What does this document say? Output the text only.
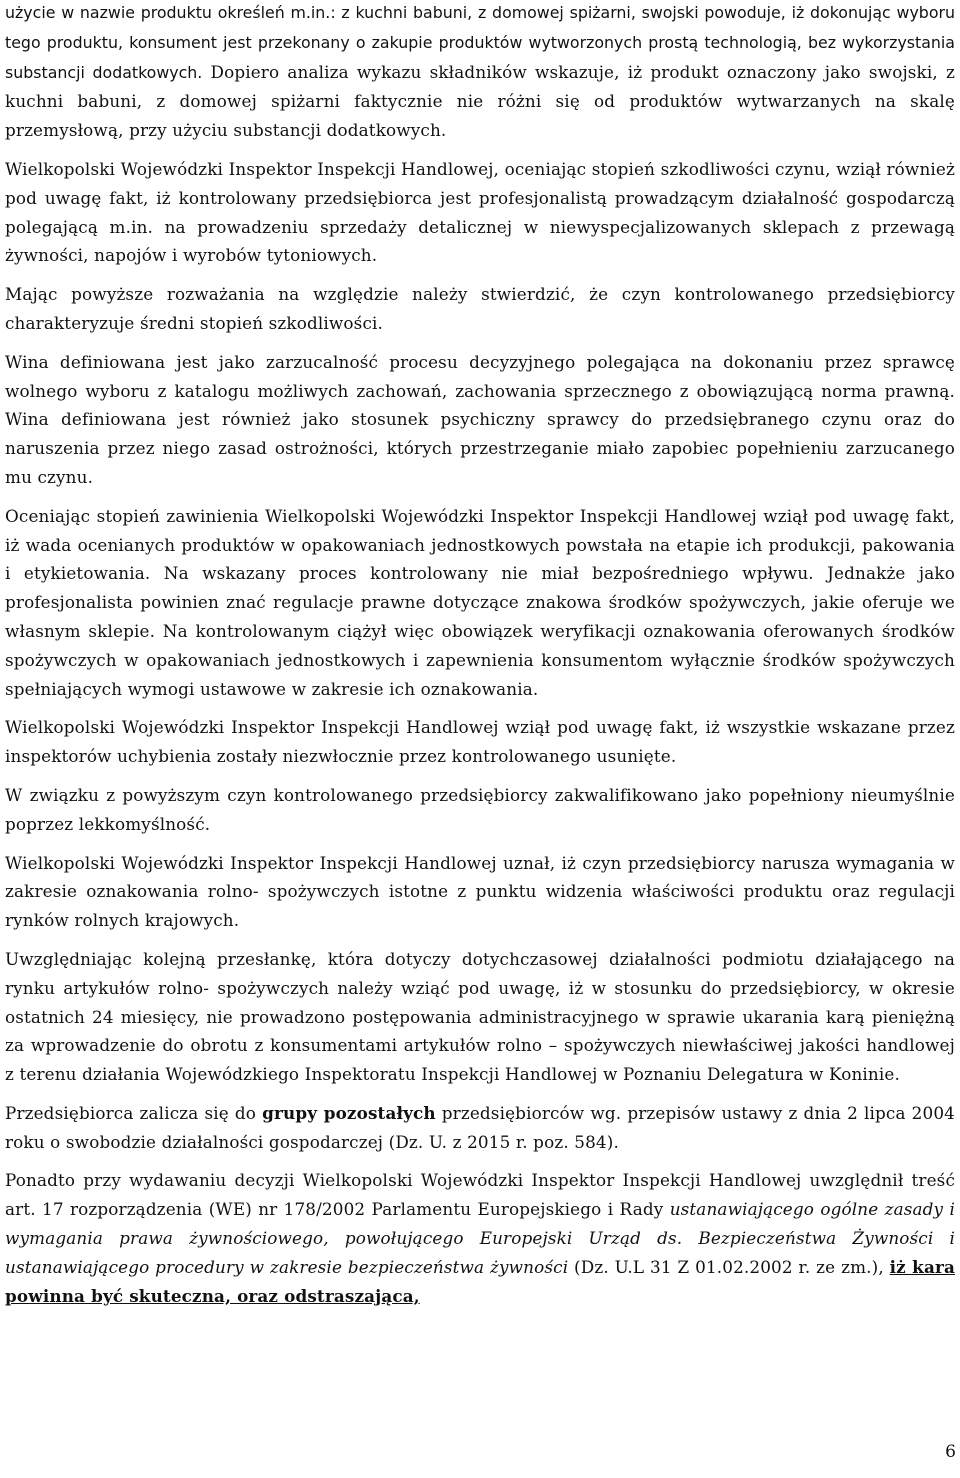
użycie w nazwie produktu określeń m.in.: z kuchni babuni, z domowej spiżarni, swojski powoduje, iż dokonując wyboru tego produktu, konsument jest przekonany o zakupie produktów wytworzonych prostą technologią, bez wykorzystania substancji dodatkowych. Dopiero analiza wykazu składników wskazuje, iż produkt oznaczony jako swojski, z kuchni babuni, z domowej spiżarni faktycznie nie różni się od produktów wytwarzanych na skalę przemysłową, przy użyciu substancji dodatkowych.

Wielkopolski Wojewódzki Inspektor Inspekcji Handlowej, oceniając stopień szkodliwości czynu, wziął również pod uwagę fakt, iż kontrolowany przedsiębiorca jest profesjonalistą prowadzącym działalność gospodarczą polegającą m.in. na prowadzeniu sprzedaży detalicznej w niewyspecjalizowanych sklepach z przewagą żywności, napojów i wyrobów tytoniowych.

Mając powyższe rozważania na względzie należy stwierdzić, że czyn kontrolowanego przedsiębiorcy charakteryzuje średni stopień szkodliwości.

Wina definiowana jest jako zarzucalność procesu decyzyjnego polegająca na dokonaniu przez sprawcę wolnego wyboru z katalogu możliwych zachowań, zachowania sprzecznego z obowiązującą norma prawną. Wina definiowana jest również jako stosunek psychiczny sprawcy do przedsiębranego czynu oraz do naruszenia przez niego zasad ostrożności, których przestrzeganie miało zapobiec popełnieniu zarzucanego mu czynu.

Oceniając stopień zawinienia Wielkopolski Wojewódzki Inspektor Inspekcji Handlowej wziął pod uwagę fakt, iż wada ocenianych produktów w opakowaniach jednostkowych powstała na etapie ich produkcji, pakowania i etykietowania. Na wskazany proces kontrolowany nie miał bezpośredniego wpływu. Jednakże jako profesjonalista powinien znać regulacje prawne dotyczące znakowa środków spożywczych, jakie oferuje we własnym sklepie. Na kontrolowanym ciążył więc obowiązek weryfikacji oznakowania oferowanych środków spożywczych w opakowaniach jednostkowych i zapewnienia konsumentom wyłącznie środków spożywczych spełniających wymogi ustawowe w zakresie ich oznakowania.

Wielkopolski Wojewódzki Inspektor Inspekcji Handlowej wziął pod uwagę fakt, iż wszystkie wskazane przez inspektorów uchybienia zostały niezwłocznie przez kontrolowanego usunięte.

W związku z powyższym czyn kontrolowanego przedsiębiorcy zakwalifikowano jako popełniony nieumyślnie poprzez lekkomyślność.

Wielkopolski Wojewódzki Inspektor Inspekcji Handlowej uznał, iż czyn przedsiębiorcy narusza wymagania w zakresie oznakowania rolno- spożywczych istotne z punktu widzenia właściwości produktu oraz regulacji rynków rolnych krajowych.

Uwzględniając kolejną przesłankę, która dotyczy dotychczasowej działalności podmiotu działającego na rynku artykułów rolno- spożywczych należy wziąć pod uwagę, iż w stosunku do przedsiębiorcy, w okresie ostatnich 24 miesięcy, nie prowadzono postępowania administracyjnego w sprawie ukarania karą pieniężną za wprowadzenie do obrotu z konsumentami artykułów rolno – spożywczych niewłaściwej jakości handlowej z terenu działania Wojewódzkiego Inspektoratu Inspekcji Handlowej w Poznaniu Delegatura w Koninie.

Przedsiębiorca zalicza się do grupy pozostałych przedsiębiorców wg. przepisów ustawy z dnia 2 lipca 2004 roku o swobodzie działalności gospodarczej (Dz. U. z 2015 r. poz. 584).

Ponadto przy wydawaniu decyzji Wielkopolski Wojewódzki Inspektor Inspekcji Handlowej uwzględnił treść art. 17 rozporządzenia (WE) nr 178/2002 Parlamentu Europejskiego i Rady ustanawiającego ogólne zasady i wymagania prawa żywnościowego, powołującego Europejski Urząd ds. Bezpieczeństwa Żywności i ustanawiającego procedury w zakresie bezpieczeństwa żywności (Dz. U.L 31 Z 01.02.2002 r. ze zm.), iż kara powinna być skuteczna, oraz odstraszająca,

6
